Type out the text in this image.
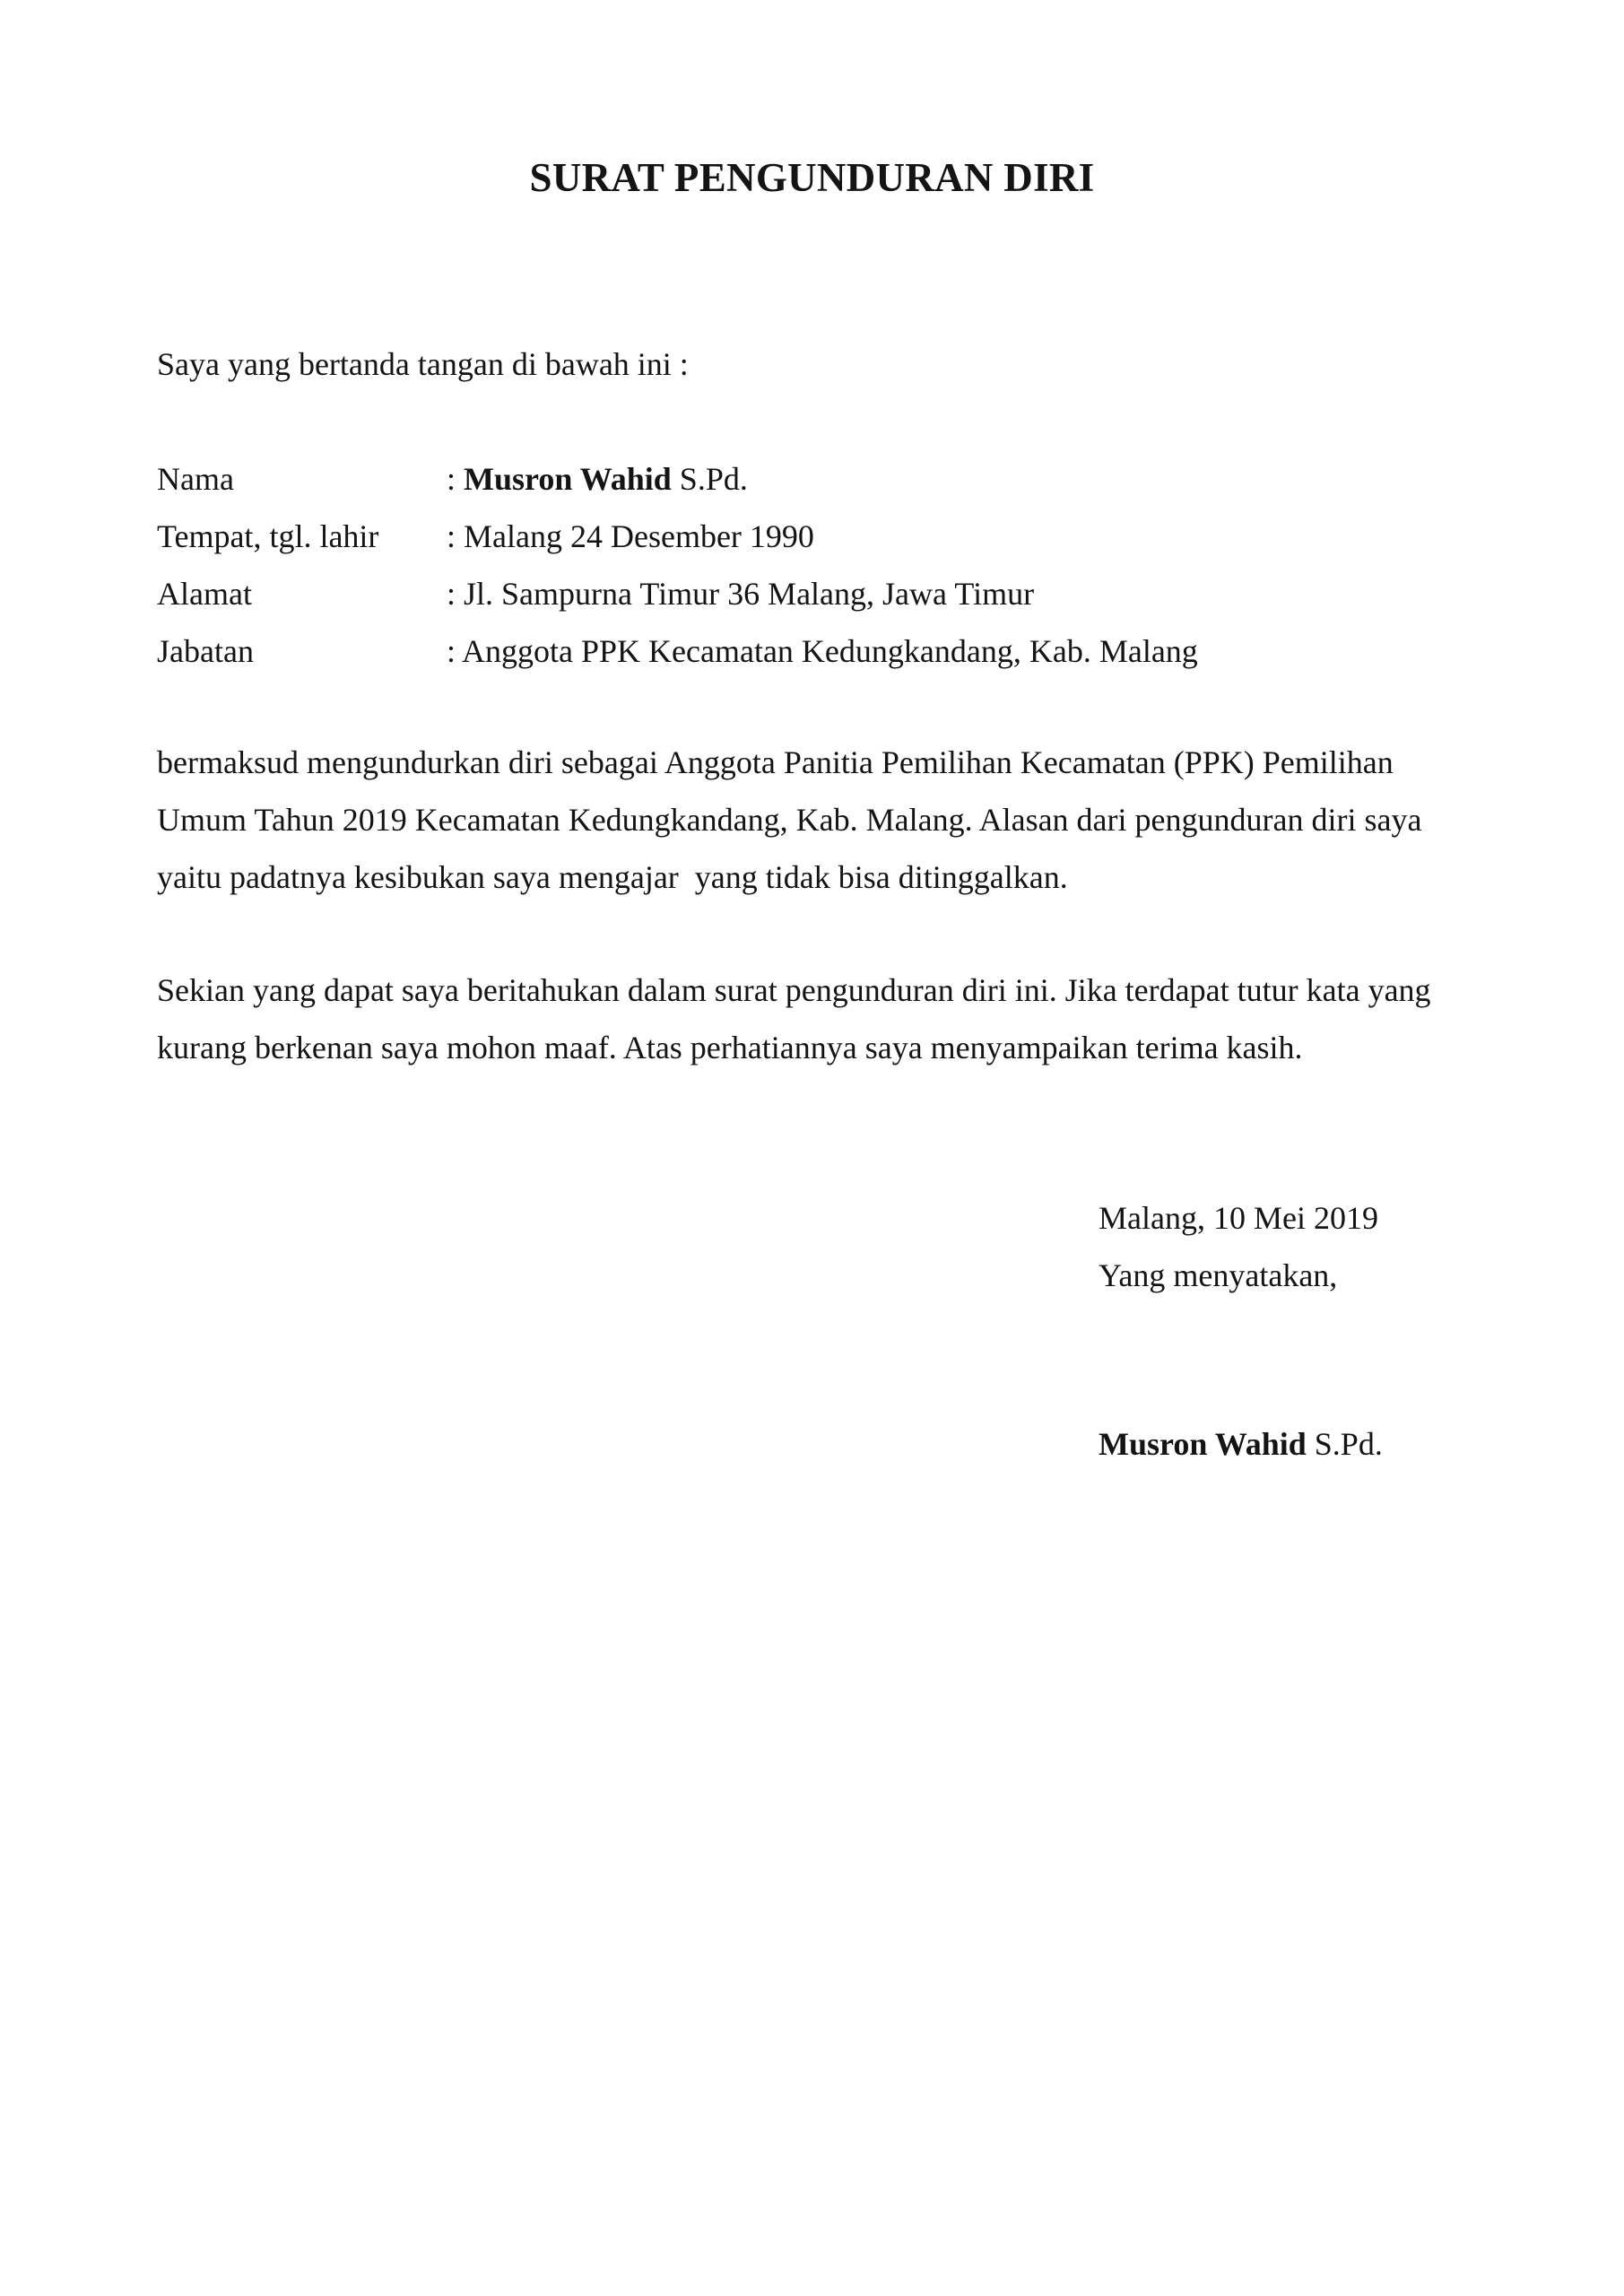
SURAT PENGUNDURAN DIRI

Saya yang bertanda tangan di bawah ini :

Nama	: Musron Wahid S.Pd.
Tempat, tgl. lahir	: Malang 24 Desember 1990
Alamat	: Jl. Sampurna Timur 36 Malang, Jawa Timur
Jabatan	: Anggota PPK Kecamatan Kedungkandang, Kab. Malang

bermaksud mengundurkan diri sebagai Anggota Panitia Pemilihan Kecamatan (PPK) Pemilihan
Umum Tahun 2019 Kecamatan Kedungkandang, Kab. Malang. Alasan dari pengunduran diri saya
yaitu padatnya kesibukan saya mengajar  yang tidak bisa ditinggalkan.

Sekian yang dapat saya beritahukan dalam surat pengunduran diri ini. Jika terdapat tutur kata yang
kurang berkenan saya mohon maaf. Atas perhatiannya saya menyampaikan terima kasih.

Malang, 10 Mei 2019
Yang menyatakan,
Musron Wahid S.Pd.
